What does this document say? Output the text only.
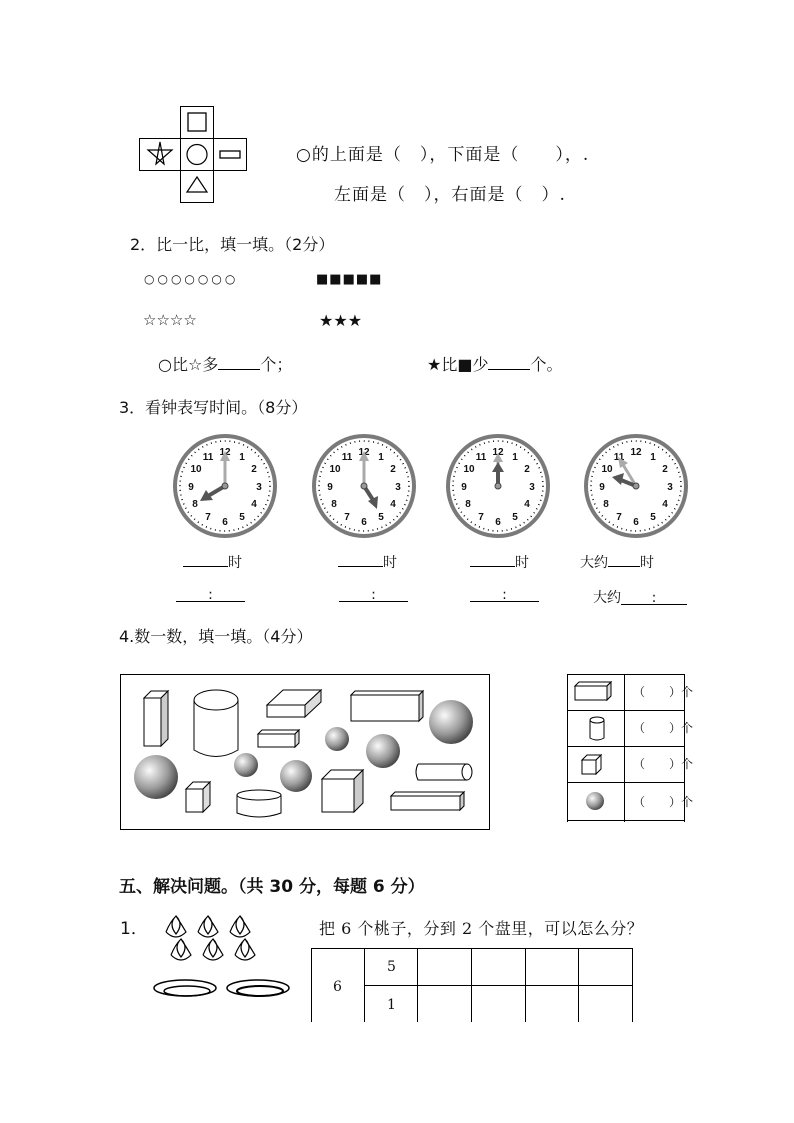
○的上面是（　），下面是（　　），.
左面是（　），右面是（　）.
2．比一比，填一填。（2分）
○○○○○○○	■■■■■
☆☆☆☆	★★★
○比☆多	个；	★比■少	个。
3．看钟表写时间。（8分）
时	时	时	大约 时
:	:	:	大约 :
4.数一数，填一填。（4分）
（　　）个
（　　）个
（　　）个
（　　）个
五、解决问题。（共 30 分，每题 6 分）
1．	把 6 个桃子，分到 2 个盘里，可以怎么分？
6
5
1
